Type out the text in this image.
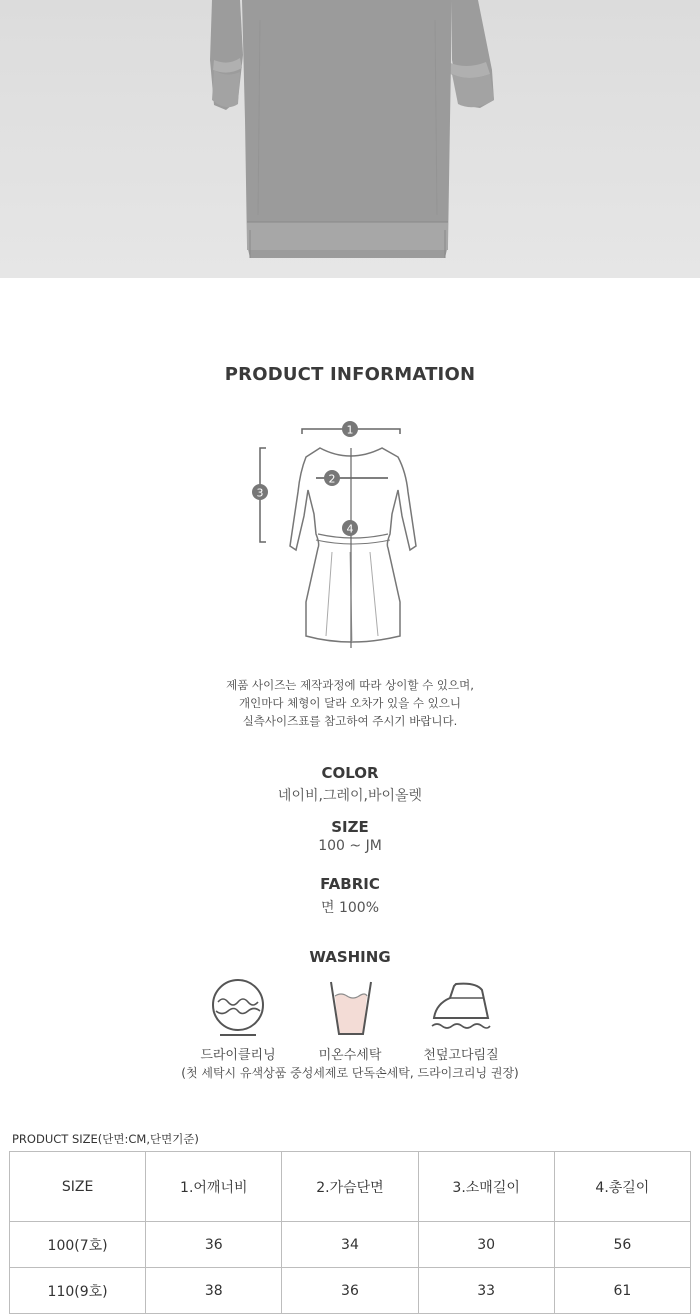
PRODUCT INFORMATION
1
2
3
4
제품 사이즈는 제작과정에 따라 상이할 수 있으며,
개인마다 체형이 달라 오차가 있을 수 있으니
실측사이즈표를 참고하여 주시기 바랍니다.
COLOR
네이비,그레이,바이올렛
SIZE
100 ~ JM
FABRIC
면 100%
WASHING
드라이클리닝	미온수세탁	천덮고다림질
(첫 세탁시 유색상품 중성세제로 단독손세탁, 드라이크리닝 권장)
PRODUCT SIZE(단면:CM,단면기준)
SIZE	1.어깨너비	2.가슴단면	3.소매길이	4.총길이
100(7호)	36	34	30	56
110(9호)	38	36	33	61
